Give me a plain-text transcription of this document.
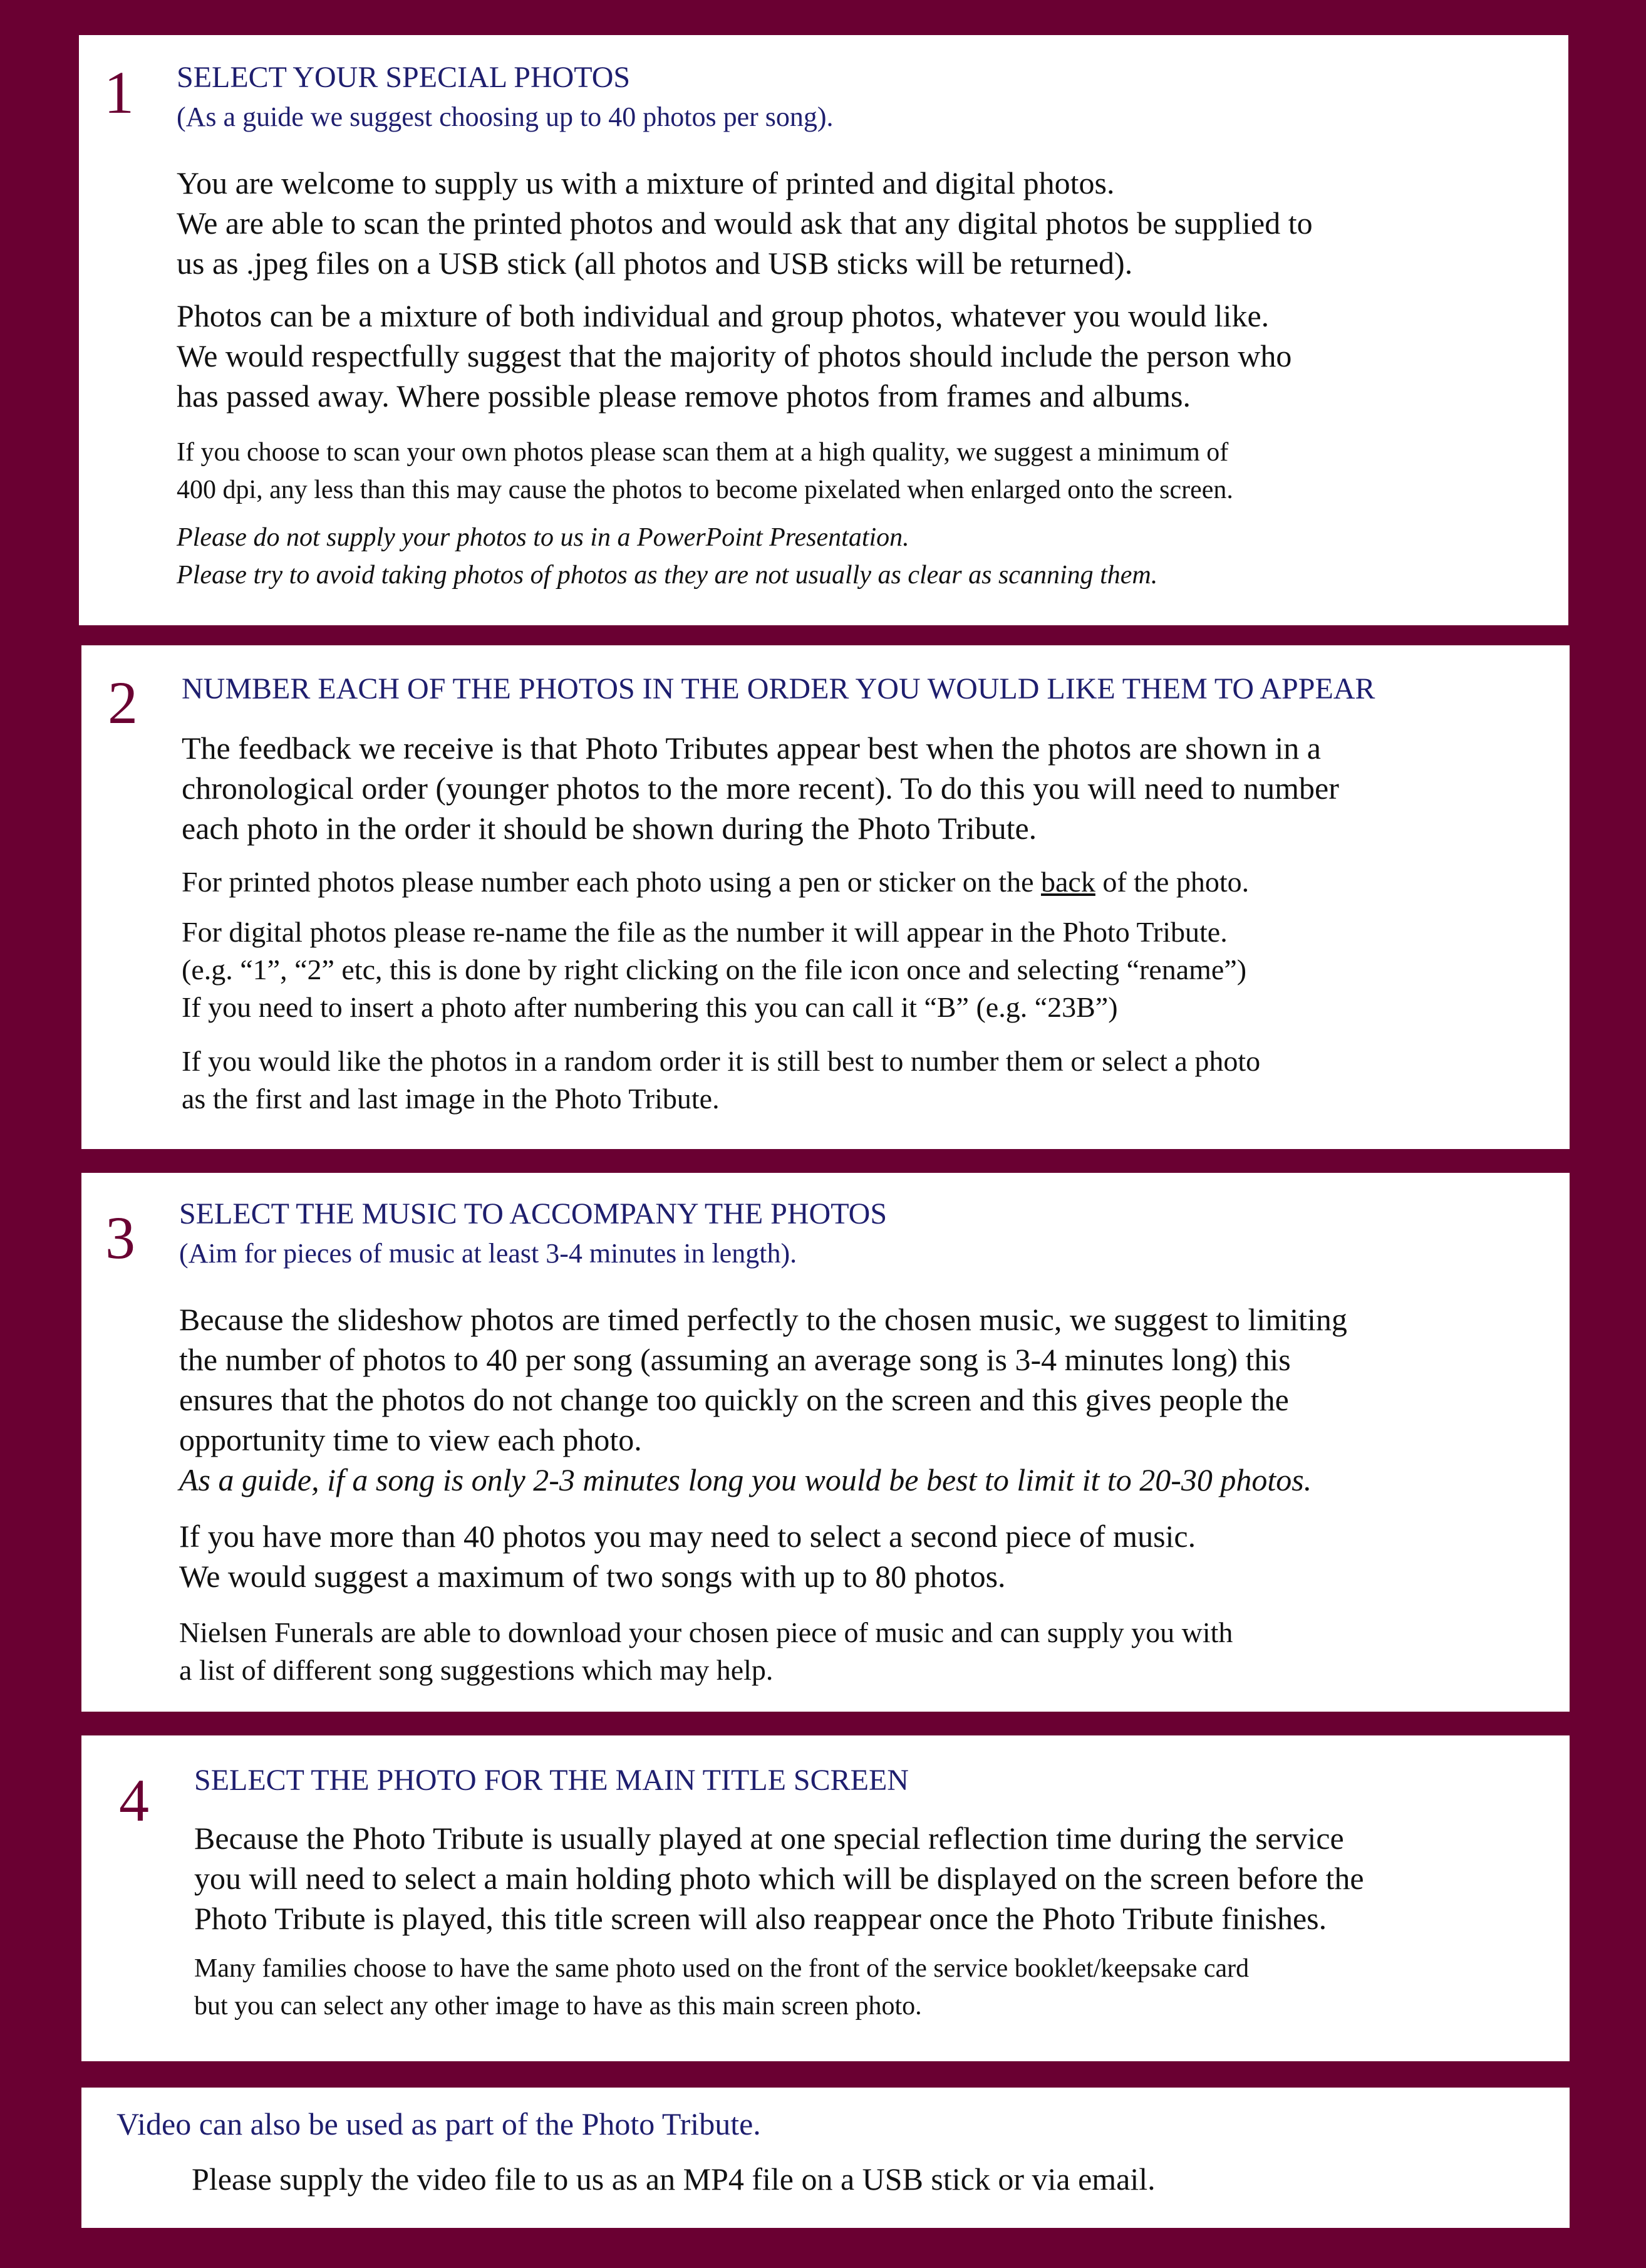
1 SELECT YOUR SPECIAL PHOTOS

(As a guide we suggest choosing up to 40 photos per song).

You are welcome to supply us with a mixture of printed and digital photos.
We are able to scan the printed photos and would ask that any digital photos be supplied to
us as .jpeg files on a USB stick (all photos and USB sticks will be returned).

Photos can be a mixture of both individual and group photos, whatever you would like.
We would respectfully suggest that the majority of photos should include the person who
has passed away. Where possible please remove photos from frames and albums.

If you choose to scan your own photos please scan them at a high quality, we suggest a minimum of
400 dpi, any less than this may cause the photos to become pixelated when enlarged onto the screen.

Please do not supply your photos to us in a PowerPoint Presentation.
Please try to avoid taking photos of photos as they are not usually as clear as scanning them.

2 NUMBER EACH OF THE PHOTOS IN THE ORDER YOU WOULD LIKE THEM TO APPEAR

The feedback we receive is that Photo Tributes appear best when the photos are shown in a
chronological order (younger photos to the more recent). To do this you will need to number
each photo in the order it should be shown during the Photo Tribute.

For printed photos please number each photo using a pen or sticker on the back of the photo.

For digital photos please re-name the file as the number it will appear in the Photo Tribute.
(e.g. “1”, “2” etc, this is done by right clicking on the file icon once and selecting “rename”)
If you need to insert a photo after numbering this you can call it “B” (e.g. “23B”)

If you would like the photos in a random order it is still best to number them or select a photo
as the first and last image in the Photo Tribute.

3 SELECT THE MUSIC TO ACCOMPANY THE PHOTOS

(Aim for pieces of music at least 3-4 minutes in length).

Because the slideshow photos are timed perfectly to the chosen music, we suggest to limiting
the number of photos to 40 per song (assuming an average song is 3-4 minutes long) this
ensures that the photos do not change too quickly on the screen and this gives people the
opportunity time to view each photo.
As a guide, if a song is only 2-3 minutes long you would be best to limit it to 20-30 photos.

If you have more than 40 photos you may need to select a second piece of music.
We would suggest a maximum of two songs with up to 80 photos.

Nielsen Funerals are able to download your chosen piece of music and can supply you with
a list of different song suggestions which may help.

4 SELECT THE PHOTO FOR THE MAIN TITLE SCREEN

Because the Photo Tribute is usually played at one special reflection time during the service
you will need to select a main holding photo which will be displayed on the screen before the
Photo Tribute is played, this title screen will also reappear once the Photo Tribute finishes.

Many families choose to have the same photo used on the front of the service booklet/keepsake card
but you can select any other image to have as this main screen photo.

Video can also be used as part of the Photo Tribute.

Please supply the video file to us as an MP4 file on a USB stick or via email.
